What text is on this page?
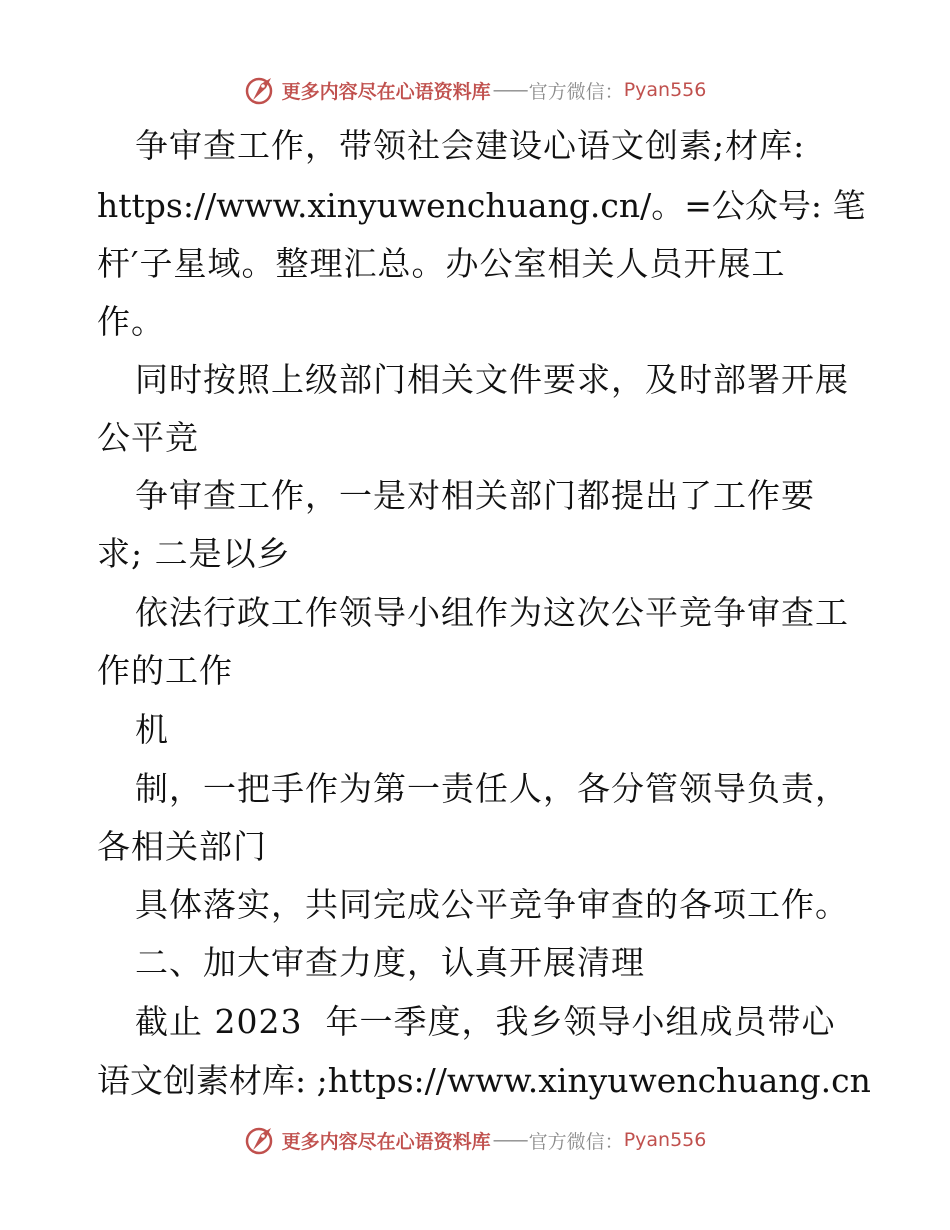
更多内容尽在心语资料库 —— 官方微信： Pyan556
争审查工作，带领社会建设心语文创素;材库:
https://www.xinyuwenchuang.cn/。=公众号: 笔
杆′子星域。整理汇总。办公室相关人员开展工
作。
同时按照上级部门相关文件要求，及时部署开展
公平竞
争审查工作，一是对相关部门都提出了工作要
求; 二是以乡
依法行政工作领导小组作为这次公平竞争审查工
作的工作
机
制，一把手作为第一责任人，各分管领导负责，
各相关部门
具体落实，共同完成公平竞争审查的各项工作。
二、加大审查力度，认真开展清理
截止 2023  年一季度，我乡领导小组成员带心
语文创素材库: ;https://www.xinyuwenchuang.cn
更多内容尽在心语资料库 —— 官方微信： Pyan556
